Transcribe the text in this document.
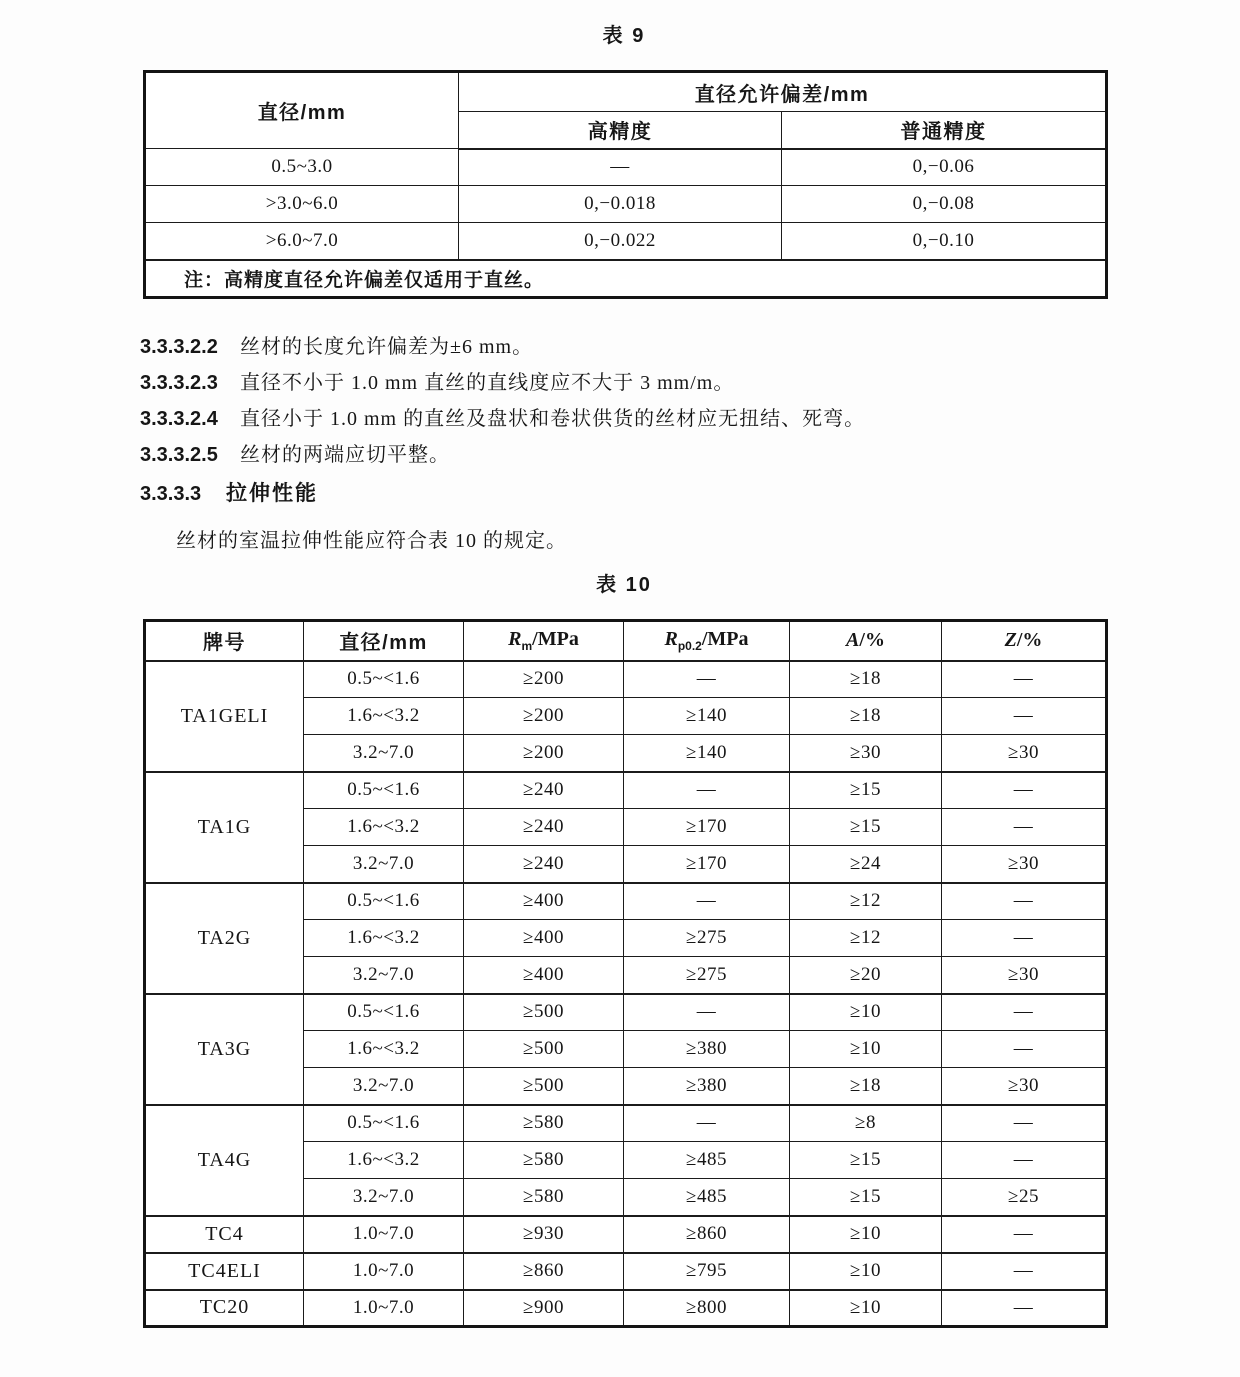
表 9
直径/mm	直径允许偏差/mm	
	高精度	普通精度
0.5~3.0	—	0,−0.06
>3.0~6.0	0,−0.018	0,−0.08
>6.0~7.0	0,−0.022	0,−0.10
注：高精度直径允许偏差仅适用于直丝。		
3.3.3.2.2	丝材的长度允许偏差为±6 mm。
3.3.3.2.3	直径不小于 1.0 mm 直丝的直线度应不大于 3 mm/m。
3.3.3.2.4	直径小于 1.0 mm 的直丝及盘状和卷状供货的丝材应无扭结、死弯。
3.3.3.2.5	丝材的两端应切平整。
3.3.3.3	拉伸性能
丝材的室温拉伸性能应符合表 10 的规定。
表 10
牌号	直径/mm	$R_m$/MPa	$R_{p0.2}$/MPa	A/%	Z/%
TA1GELI	0.5~<1.6	≥200	—	≥18	—
	1.6~<3.2	≥200	≥140	≥18	—
	3.2~7.0	≥200	≥140	≥30	≥30
TA1G	0.5~<1.6	≥240	—	≥15	—
	1.6~<3.2	≥240	≥170	≥15	—
	3.2~7.0	≥240	≥170	≥24	≥30
TA2G	0.5~<1.6	≥400	—	≥12	—
	1.6~<3.2	≥400	≥275	≥12	—
	3.2~7.0	≥400	≥275	≥20	≥30
TA3G	0.5~<1.6	≥500	—	≥10	—
	1.6~<3.2	≥500	≥380	≥10	—
	3.2~7.0	≥500	≥380	≥18	≥30
TA4G	0.5~<1.6	≥580	—	≥8	—
	1.6~<3.2	≥580	≥485	≥15	—
	3.2~7.0	≥580	≥485	≥15	≥25
TC4	1.0~7.0	≥930	≥860	≥10	—
TC4ELI	1.0~7.0	≥860	≥795	≥10	—
TC20	1.0~7.0	≥900	≥800	≥10	—
